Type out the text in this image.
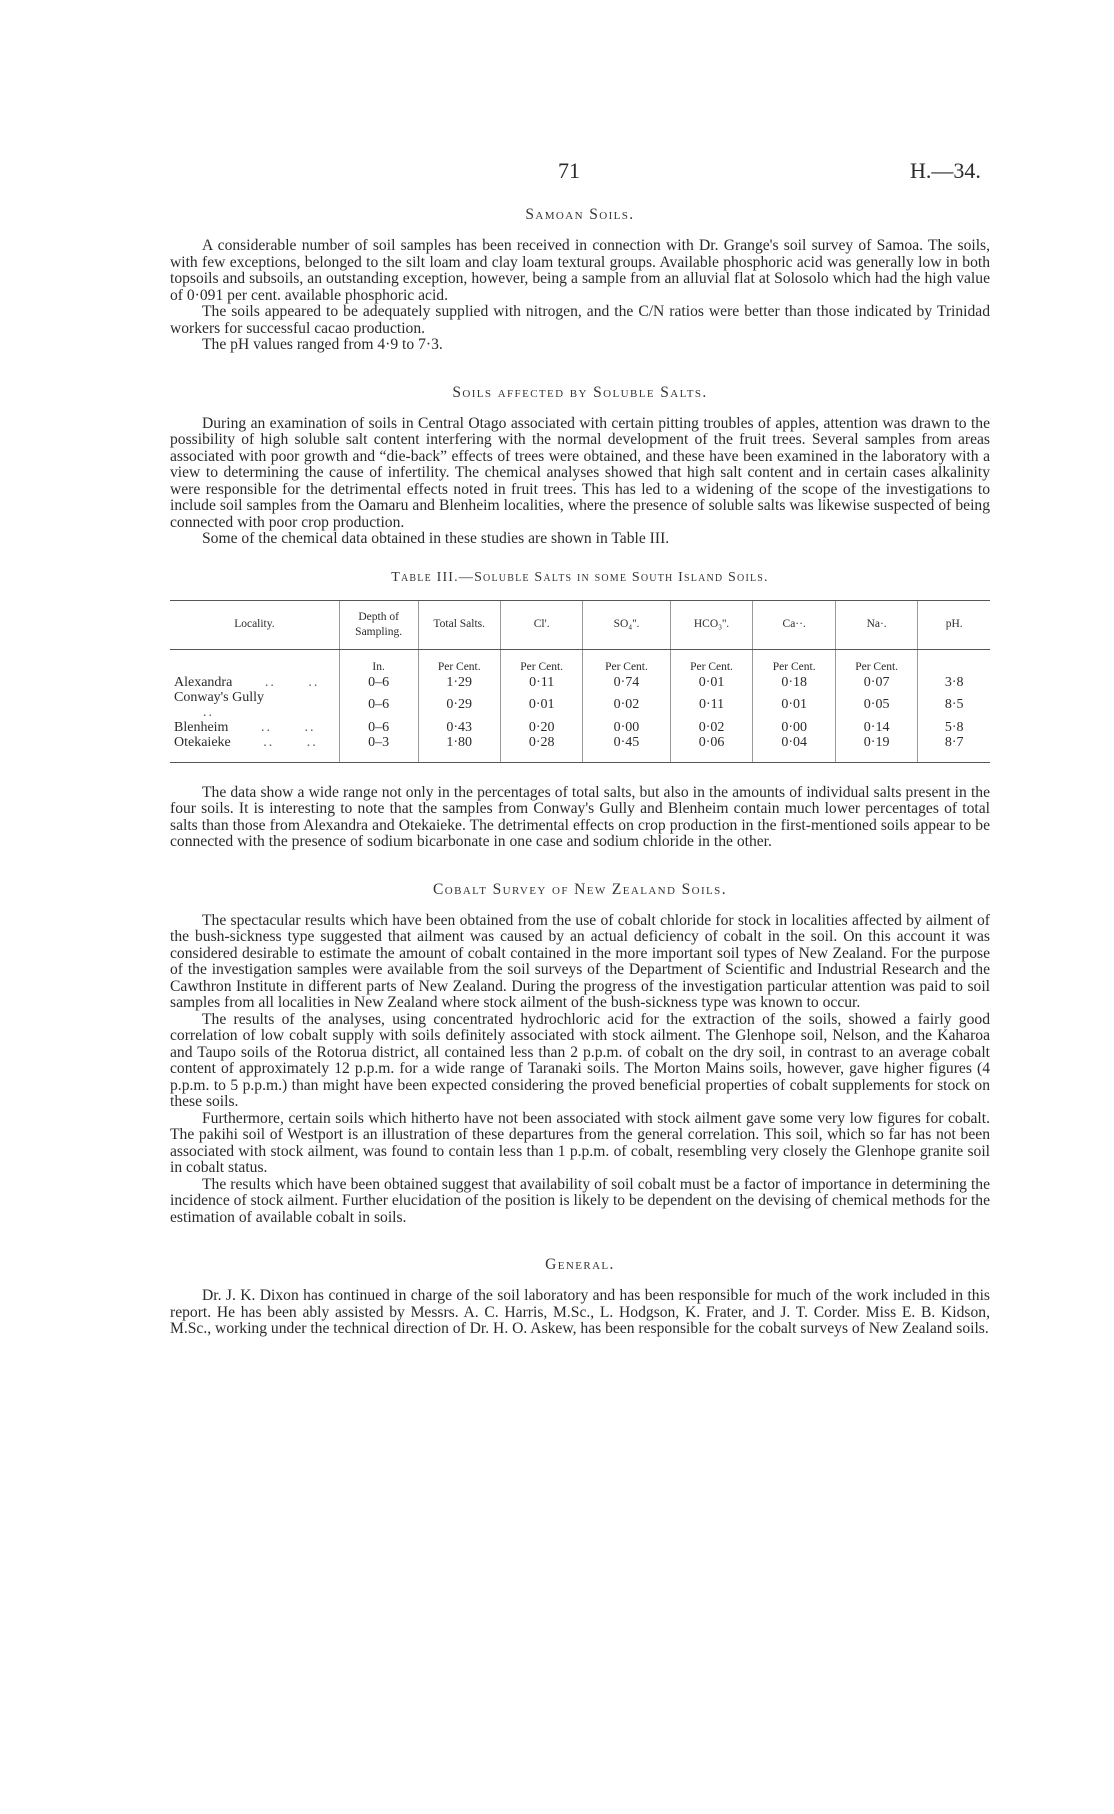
71	H.—34.
Samoan Soils.

A considerable number of soil samples has been received in connection with Dr. Grange's soil survey of Samoa. The soils, with few exceptions, belonged to the silt loam and clay loam textural groups. Available phosphoric acid was generally low in both topsoils and subsoils, an outstanding exception, however, being a sample from an alluvial flat at Solosolo which had the high value of 0·091 per cent. available phosphoric acid.

The soils appeared to be adequately supplied with nitrogen, and the C/N ratios were better than those indicated by Trinidad workers for successful cacao production.

The pH values ranged from 4·9 to 7·3.

Soils affected by Soluble Salts.

During an examination of soils in Central Otago associated with certain pitting troubles of apples, attention was drawn to the possibility of high soluble salt content interfering with the normal development of the fruit trees. Several samples from areas associated with poor growth and “die-back” effects of trees were obtained, and these have been examined in the laboratory with a view to determining the cause of infertility. The chemical analyses showed that high salt content and in certain cases alkalinity were responsible for the detrimental effects noted in fruit trees. This has led to a widening of the scope of the investigations to include soil samples from the Oamaru and Blenheim localities, where the presence of soluble salts was likewise suspected of being connected with poor crop production.

Some of the chemical data obtained in these studies are shown in Table III.

Table III.—Soluble Salts in some South Island Soils.
Locality.	Depth of Sampling.	Total Salts.	Cl'.	SO₄''.	HCO₃''.	Ca··.	Na·.	pH.
	In.	Per Cent.	Per Cent.	Per Cent.	Per Cent.	Per Cent.	Per Cent.	
Alexandra .. ..	0–6	1·29	0·11	0·74	0·01	0·18	0·07	3·8
Conway's Gully  ..	0–6	0·29	0·01	0·02	0·11	0·01	0·05	8·5
Blenheim .. ..	0–6	0·43	0·20	0·00	0·02	0·00	0·14	5·8
Otekaieke .. ..	0–3	1·80	0·28	0·45	0·06	0·04	0·19	8·7

The data show a wide range not only in the percentages of total salts, but also in the amounts of individual salts present in the four soils. It is interesting to note that the samples from Conway's Gully and Blenheim contain much lower percentages of total salts than those from Alexandra and Otekaieke. The detrimental effects on crop production in the first-mentioned soils appear to be connected with the presence of sodium bicarbonate in one case and sodium chloride in the other.

Cobalt Survey of New Zealand Soils.

The spectacular results which have been obtained from the use of cobalt chloride for stock in localities affected by ailment of the bush-sickness type suggested that ailment was caused by an actual deficiency of cobalt in the soil. On this account it was considered desirable to estimate the amount of cobalt contained in the more important soil types of New Zealand. For the purpose of the investigation samples were available from the soil surveys of the Department of Scientific and Industrial Research and the Cawthron Institute in different parts of New Zealand. During the progress of the investigation particular attention was paid to soil samples from all localities in New Zealand where stock ailment of the bush-sickness type was known to occur.

The results of the analyses, using concentrated hydrochloric acid for the extraction of the soils, showed a fairly good correlation of low cobalt supply with soils definitely associated with stock ailment. The Glenhope soil, Nelson, and the Kaharoa and Taupo soils of the Rotorua district, all contained less than 2 p.p.m. of cobalt on the dry soil, in contrast to an average cobalt content of approximately 12 p.p.m. for a wide range of Taranaki soils. The Morton Mains soils, however, gave higher figures (4 p.p.m. to 5 p.p.m.) than might have been expected considering the proved beneficial properties of cobalt supplements for stock on these soils.

Furthermore, certain soils which hitherto have not been associated with stock ailment gave some very low figures for cobalt. The pakihi soil of Westport is an illustration of these departures from the general correlation. This soil, which so far has not been associated with stock ailment, was found to contain less than 1 p.p.m. of cobalt, resembling very closely the Glenhope granite soil in cobalt status.

The results which have been obtained suggest that availability of soil cobalt must be a factor of importance in determining the incidence of stock ailment. Further elucidation of the position is likely to be dependent on the devising of chemical methods for the estimation of available cobalt in soils.

General.

Dr. J. K. Dixon has continued in charge of the soil laboratory and has been responsible for much of the work included in this report. He has been ably assisted by Messrs. A. C. Harris, M.Sc., L. Hodgson, K. Frater, and J. T. Corder. Miss E. B. Kidson, M.Sc., working under the technical direction of Dr. H. O. Askew, has been responsible for the cobalt surveys of New Zealand soils.
